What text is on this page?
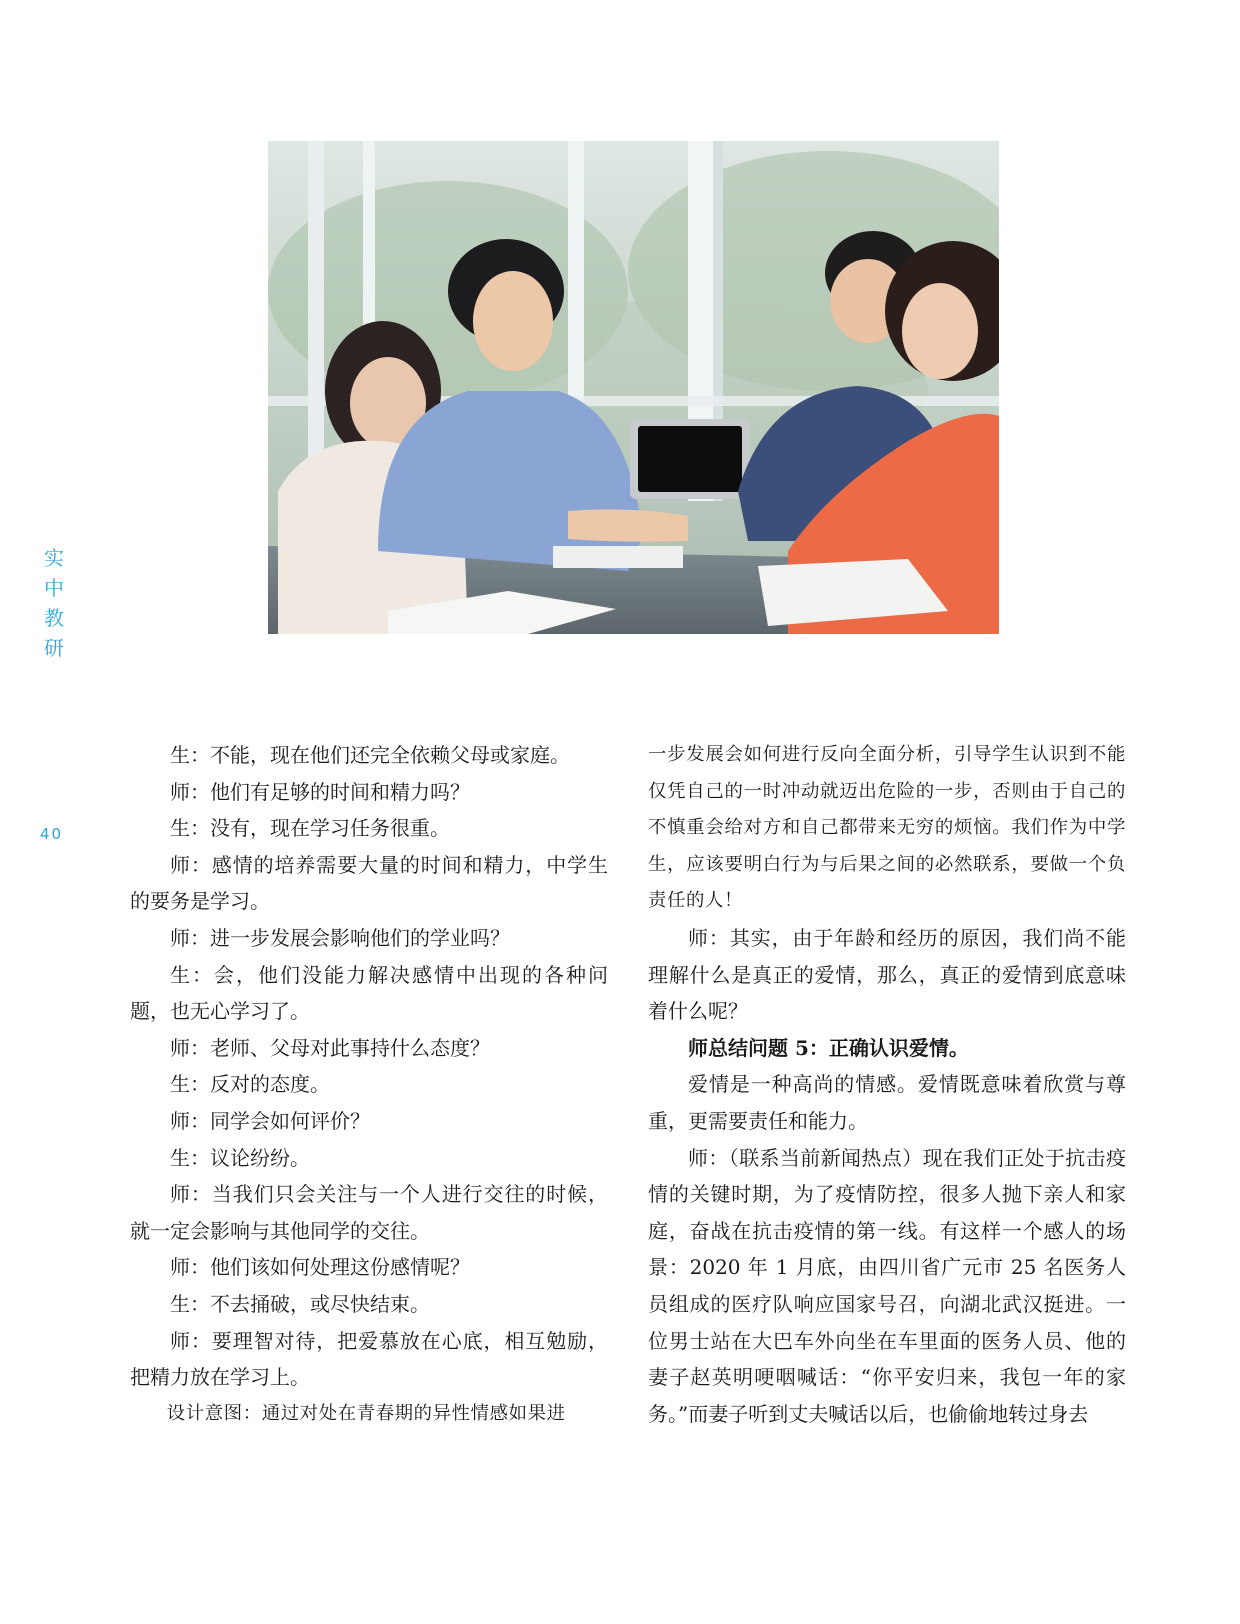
实
中
教
研
40

生：不能，现在他们还完全依赖父母或家庭。

师：他们有足够的时间和精力吗？

生：没有，现在学习任务很重。

师：感情的培养需要大量的时间和精力，中学生的要务是学习。

师：进一步发展会影响他们的学业吗？

生：会，他们没能力解决感情中出现的各种问题，也无心学习了。

师：老师、父母对此事持什么态度？

生：反对的态度。

师：同学会如何评价？

生：议论纷纷。

师：当我们只会关注与一个人进行交往的时候，就一定会影响与其他同学的交往。

师：他们该如何处理这份感情呢？

生：不去捅破，或尽快结束。

师：要理智对待，把爱慕放在心底，相互勉励，把精力放在学习上。

设计意图：通过对处在青春期的异性情感如果进

一步发展会如何进行反向全面分析，引导学生认识到不能仅凭自己的一时冲动就迈出危险的一步，否则由于自己的不慎重会给对方和自己都带来无穷的烦恼。我们作为中学生，应该要明白行为与后果之间的必然联系，要做一个负责任的人！

师：其实，由于年龄和经历的原因，我们尚不能理解什么是真正的爱情，那么，真正的爱情到底意味着什么呢？

师总结问题 5：正确认识爱情。

爱情是一种高尚的情感。爱情既意味着欣赏与尊重，更需要责任和能力。

师：（联系当前新闻热点）现在我们正处于抗击疫情的关键时期，为了疫情防控，很多人抛下亲人和家庭，奋战在抗击疫情的第一线。有这样一个感人的场景：2020 年 1 月底，由四川省广元市 25 名医务人员组成的医疗队响应国家号召，向湖北武汉挺进。一位男士站在大巴车外向坐在车里面的医务人员、他的妻子赵英明哽咽喊话：“你平安归来，我包一年的家务。”而妻子听到丈夫喊话以后，也偷偷地转过身去
